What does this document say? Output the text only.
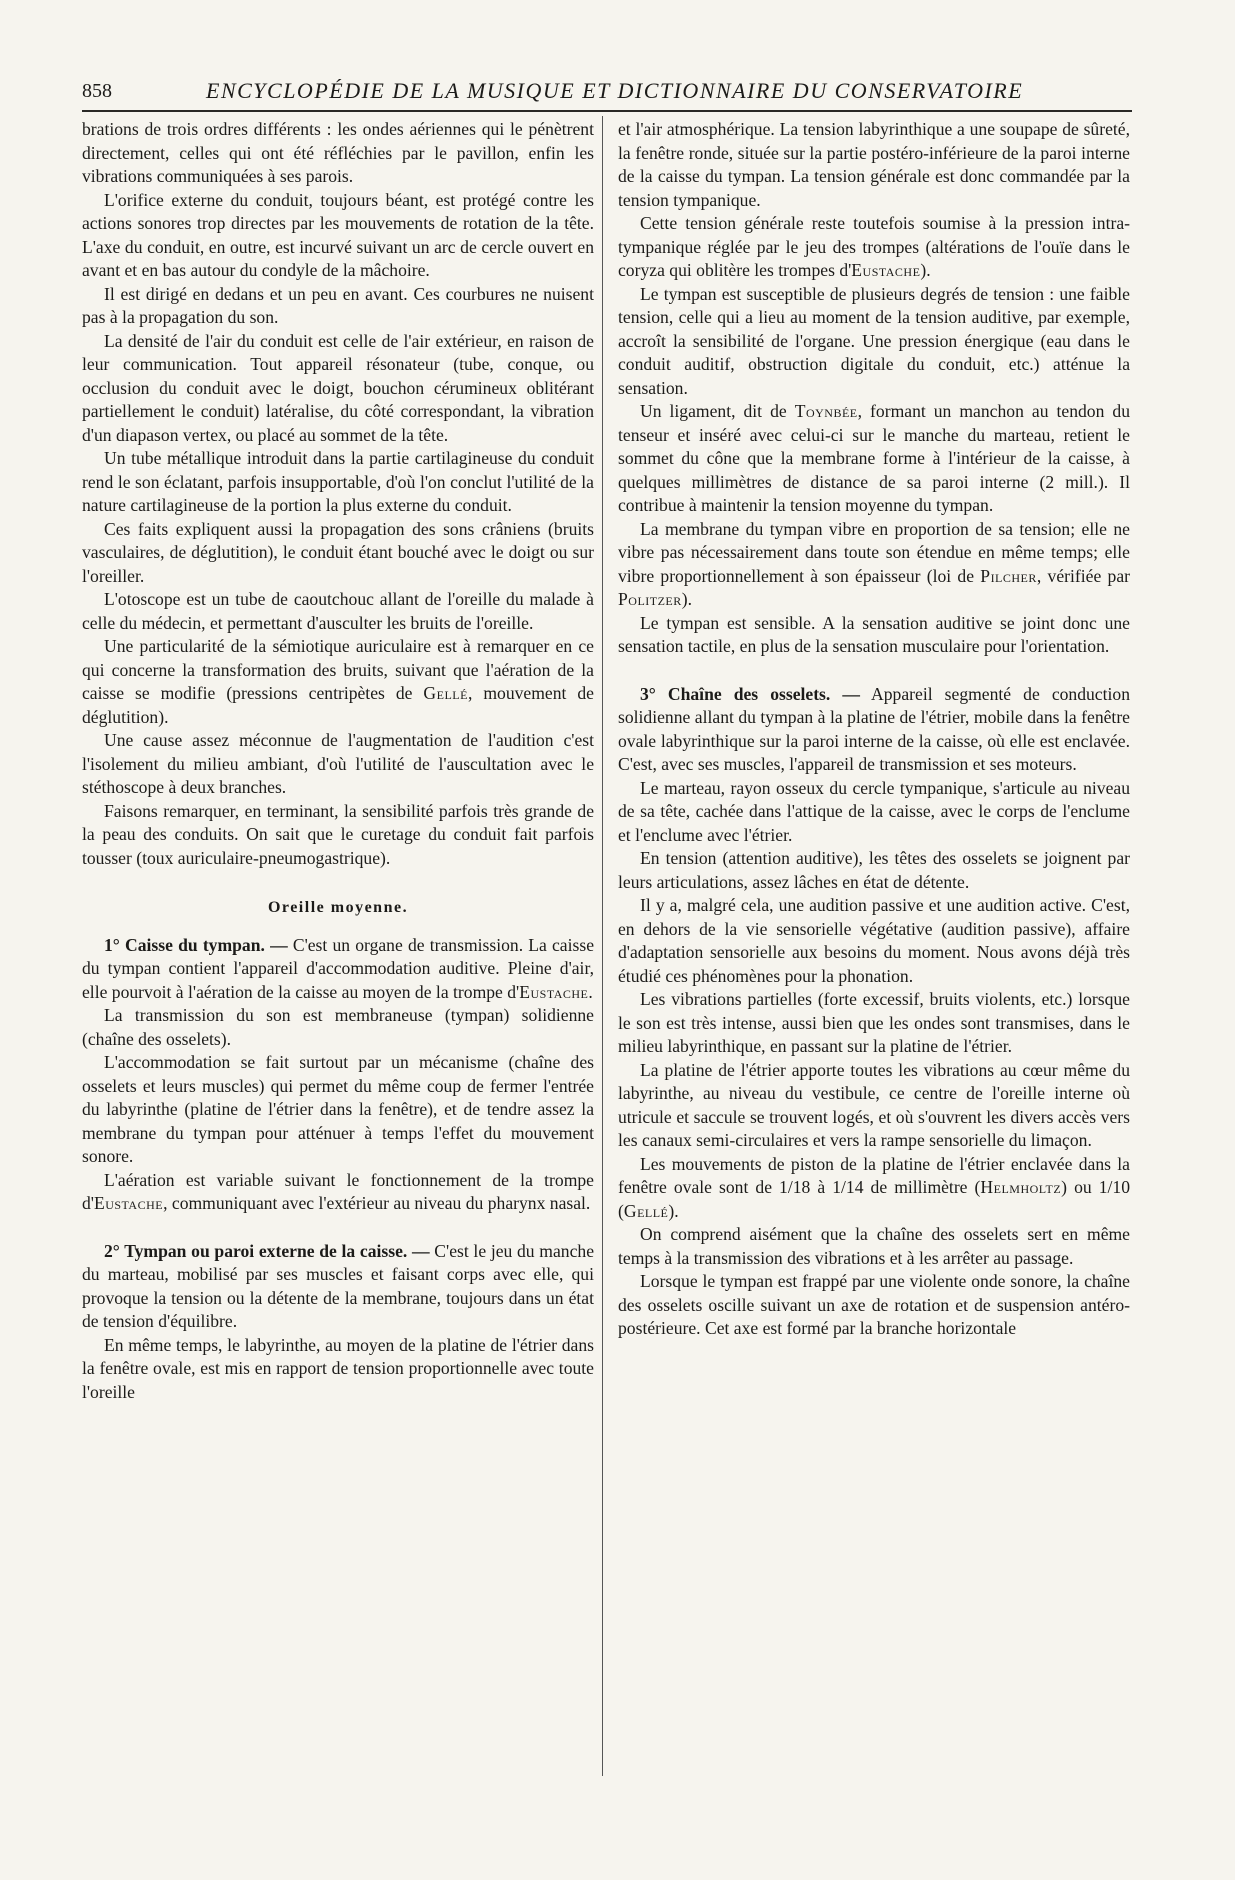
858	ENCYCLOPÉDIE DE LA MUSIQUE ET DICTIONNAIRE DU CONSERVATOIRE

brations de trois ordres différents : les ondes aériennes qui le pénètrent directement, celles qui ont été réfléchies par le pavillon, enfin les vibrations communiquées à ses parois.

L'orifice externe du conduit, toujours béant, est protégé contre les actions sonores trop directes par les mouvements de rotation de la tête. L'axe du conduit, en outre, est incurvé suivant un arc de cercle ouvert en avant et en bas autour du condyle de la mâchoire.

Il est dirigé en dedans et un peu en avant. Ces courbures ne nuisent pas à la propagation du son.

La densité de l'air du conduit est celle de l'air extérieur, en raison de leur communication. Tout appareil résonateur (tube, conque, ou occlusion du conduit avec le doigt, bouchon cérumineux oblitérant partiellement le conduit) latéralise, du côté correspondant, la vibration d'un diapason vertex, ou placé au sommet de la tête.

Un tube métallique introduit dans la partie cartilagineuse du conduit rend le son éclatant, parfois insupportable, d'où l'on conclut l'utilité de la nature cartilagineuse de la portion la plus externe du conduit.

Ces faits expliquent aussi la propagation des sons crâniens (bruits vasculaires, de déglutition), le conduit étant bouché avec le doigt ou sur l'oreiller.

L'otoscope est un tube de caoutchouc allant de l'oreille du malade à celle du médecin, et permettant d'ausculter les bruits de l'oreille.

Une particularité de la sémiotique auriculaire est à remarquer en ce qui concerne la transformation des bruits, suivant que l'aération de la caisse se modifie (pressions centripètes de Gellé, mouvement de déglutition).

Une cause assez méconnue de l'augmentation de l'audition c'est l'isolement du milieu ambiant, d'où l'utilité de l'auscultation avec le stéthoscope à deux branches.

Faisons remarquer, en terminant, la sensibilité parfois très grande de la peau des conduits. On sait que le curetage du conduit fait parfois tousser (toux auriculaire-pneumogastrique).

Oreille moyenne.

1° Caisse du tympan. — C'est un organe de transmission. La caisse du tympan contient l'appareil d'accommodation auditive. Pleine d'air, elle pourvoit à l'aération de la caisse au moyen de la trompe d'Eustache.

La transmission du son est membraneuse (tympan) solidienne (chaîne des osselets).

L'accommodation se fait surtout par un mécanisme (chaîne des osselets et leurs muscles) qui permet du même coup de fermer l'entrée du labyrinthe (platine de l'étrier dans la fenêtre), et de tendre assez la membrane du tympan pour atténuer à temps l'effet du mouvement sonore.

L'aération est variable suivant le fonctionnement de la trompe d'Eustache, communiquant avec l'extérieur au niveau du pharynx nasal.

2° Tympan ou paroi externe de la caisse. — C'est le jeu du manche du marteau, mobilisé par ses muscles et faisant corps avec elle, qui provoque la tension ou la détente de la membrane, toujours dans un état de tension d'équilibre.

En même temps, le labyrinthe, au moyen de la platine de l'étrier dans la fenêtre ovale, est mis en rapport de tension proportionnelle avec toute l'oreille

et l'air atmosphérique. La tension labyrinthique a une soupape de sûreté, la fenêtre ronde, située sur la partie postéro-inférieure de la paroi interne de la caisse du tympan. La tension générale est donc commandée par la tension tympanique.

Cette tension générale reste toutefois soumise à la pression intra-tympanique réglée par le jeu des trompes (altérations de l'ouïe dans le coryza qui oblitère les trompes d'Eustache).

Le tympan est susceptible de plusieurs degrés de tension : une faible tension, celle qui a lieu au moment de la tension auditive, par exemple, accroît la sensibilité de l'organe. Une pression énergique (eau dans le conduit auditif, obstruction digitale du conduit, etc.) atténue la sensation.

Un ligament, dit de Toynbée, formant un manchon au tendon du tenseur et inséré avec celui-ci sur le manche du marteau, retient le sommet du cône que la membrane forme à l'intérieur de la caisse, à quelques millimètres de distance de sa paroi interne (2 mill.). Il contribue à maintenir la tension moyenne du tympan.

La membrane du tympan vibre en proportion de sa tension; elle ne vibre pas nécessairement dans toute son étendue en même temps; elle vibre proportionnellement à son épaisseur (loi de Pilcher, vérifiée par Politzer).

Le tympan est sensible. A la sensation auditive se joint donc une sensation tactile, en plus de la sensation musculaire pour l'orientation.

3° Chaîne des osselets. — Appareil segmenté de conduction solidienne allant du tympan à la platine de l'étrier, mobile dans la fenêtre ovale labyrinthique sur la paroi interne de la caisse, où elle est enclavée. C'est, avec ses muscles, l'appareil de transmission et ses moteurs.

Le marteau, rayon osseux du cercle tympanique, s'articule au niveau de sa tête, cachée dans l'attique de la caisse, avec le corps de l'enclume et l'enclume avec l'étrier.

En tension (attention auditive), les têtes des osselets se joignent par leurs articulations, assez lâches en état de détente.

Il y a, malgré cela, une audition passive et une audition active. C'est, en dehors de la vie sensorielle végétative (audition passive), affaire d'adaptation sensorielle aux besoins du moment. Nous avons déjà très étudié ces phénomènes pour la phonation.

Les vibrations partielles (forte excessif, bruits violents, etc.) lorsque le son est très intense, aussi bien que les ondes sont transmises, dans le milieu labyrinthique, en passant sur la platine de l'étrier.

La platine de l'étrier apporte toutes les vibrations au cœur même du labyrinthe, au niveau du vestibule, ce centre de l'oreille interne où utricule et saccule se trouvent logés, et où s'ouvrent les divers accès vers les canaux semi-circulaires et vers la rampe sensorielle du limaçon.

Les mouvements de piston de la platine de l'étrier enclavée dans la fenêtre ovale sont de 1/18 à 1/14 de millimètre (Helmholtz) ou 1/10 (Gellé).

On comprend aisément que la chaîne des osselets sert en même temps à la transmission des vibrations et à les arrêter au passage.

Lorsque le tympan est frappé par une violente onde sonore, la chaîne des osselets oscille suivant un axe de rotation et de suspension antéro-postérieure. Cet axe est formé par la branche horizontale
